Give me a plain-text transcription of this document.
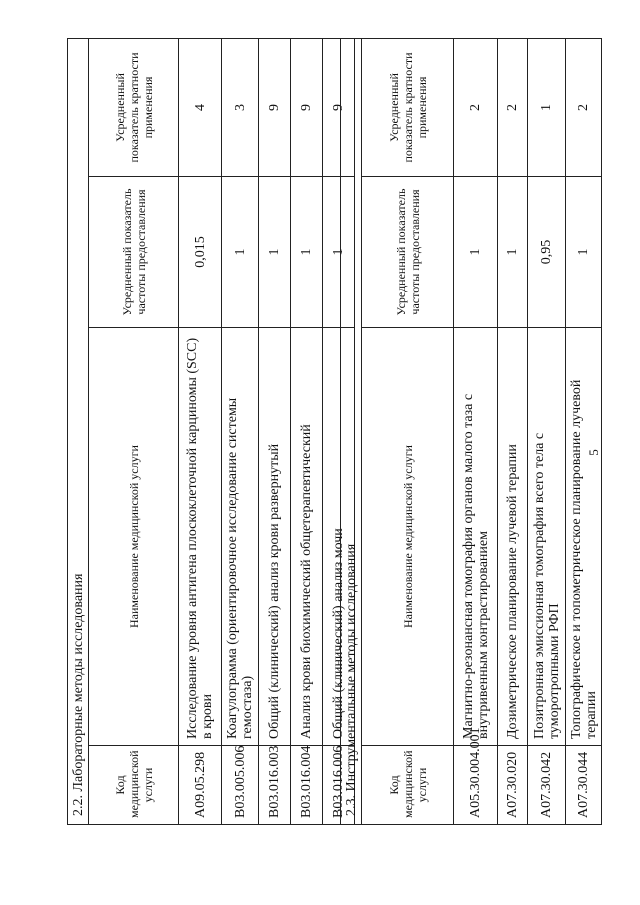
5
2.2. Лабораторные методы исследования			
Код медицинской услуги	Наименование медицинской услуги	Усредненный показатель частоты предоставления	Усредненный показатель кратности применения
A09.05.298	Исследование уровня антигена плоскоклеточной карциномы (SCC) в крови	0,015	4
B03.005.006	Коагулограмма (ориентировочное исследование системы гемостаза)	1	3
B03.016.003	Общий (клинический) анализ крови развернутый	1	9
B03.016.004	Анализ крови биохимический общетерапевтический	1	9
B03.016.006	Общий (клинический) анализ мочи	1	9
2.3. Инструментальные методы исследования			
Код медицинской услуги	Наименование медицинской услуги	Усредненный показатель частоты предоставления	Усредненный показатель кратности применения
A05.30.004.001	Магнитно-резонансная томография органов малого таза с внутривенным контрастированием	1	2
A07.30.020	Дозиметрическое планирование лучевой терапии	1	2
A07.30.042	Позитронная эмиссионная томография всего тела с туморотропными РФП	0,95	1
A07.30.044	Топографическое и топометрическое планирование лучевой терапии	1	2
